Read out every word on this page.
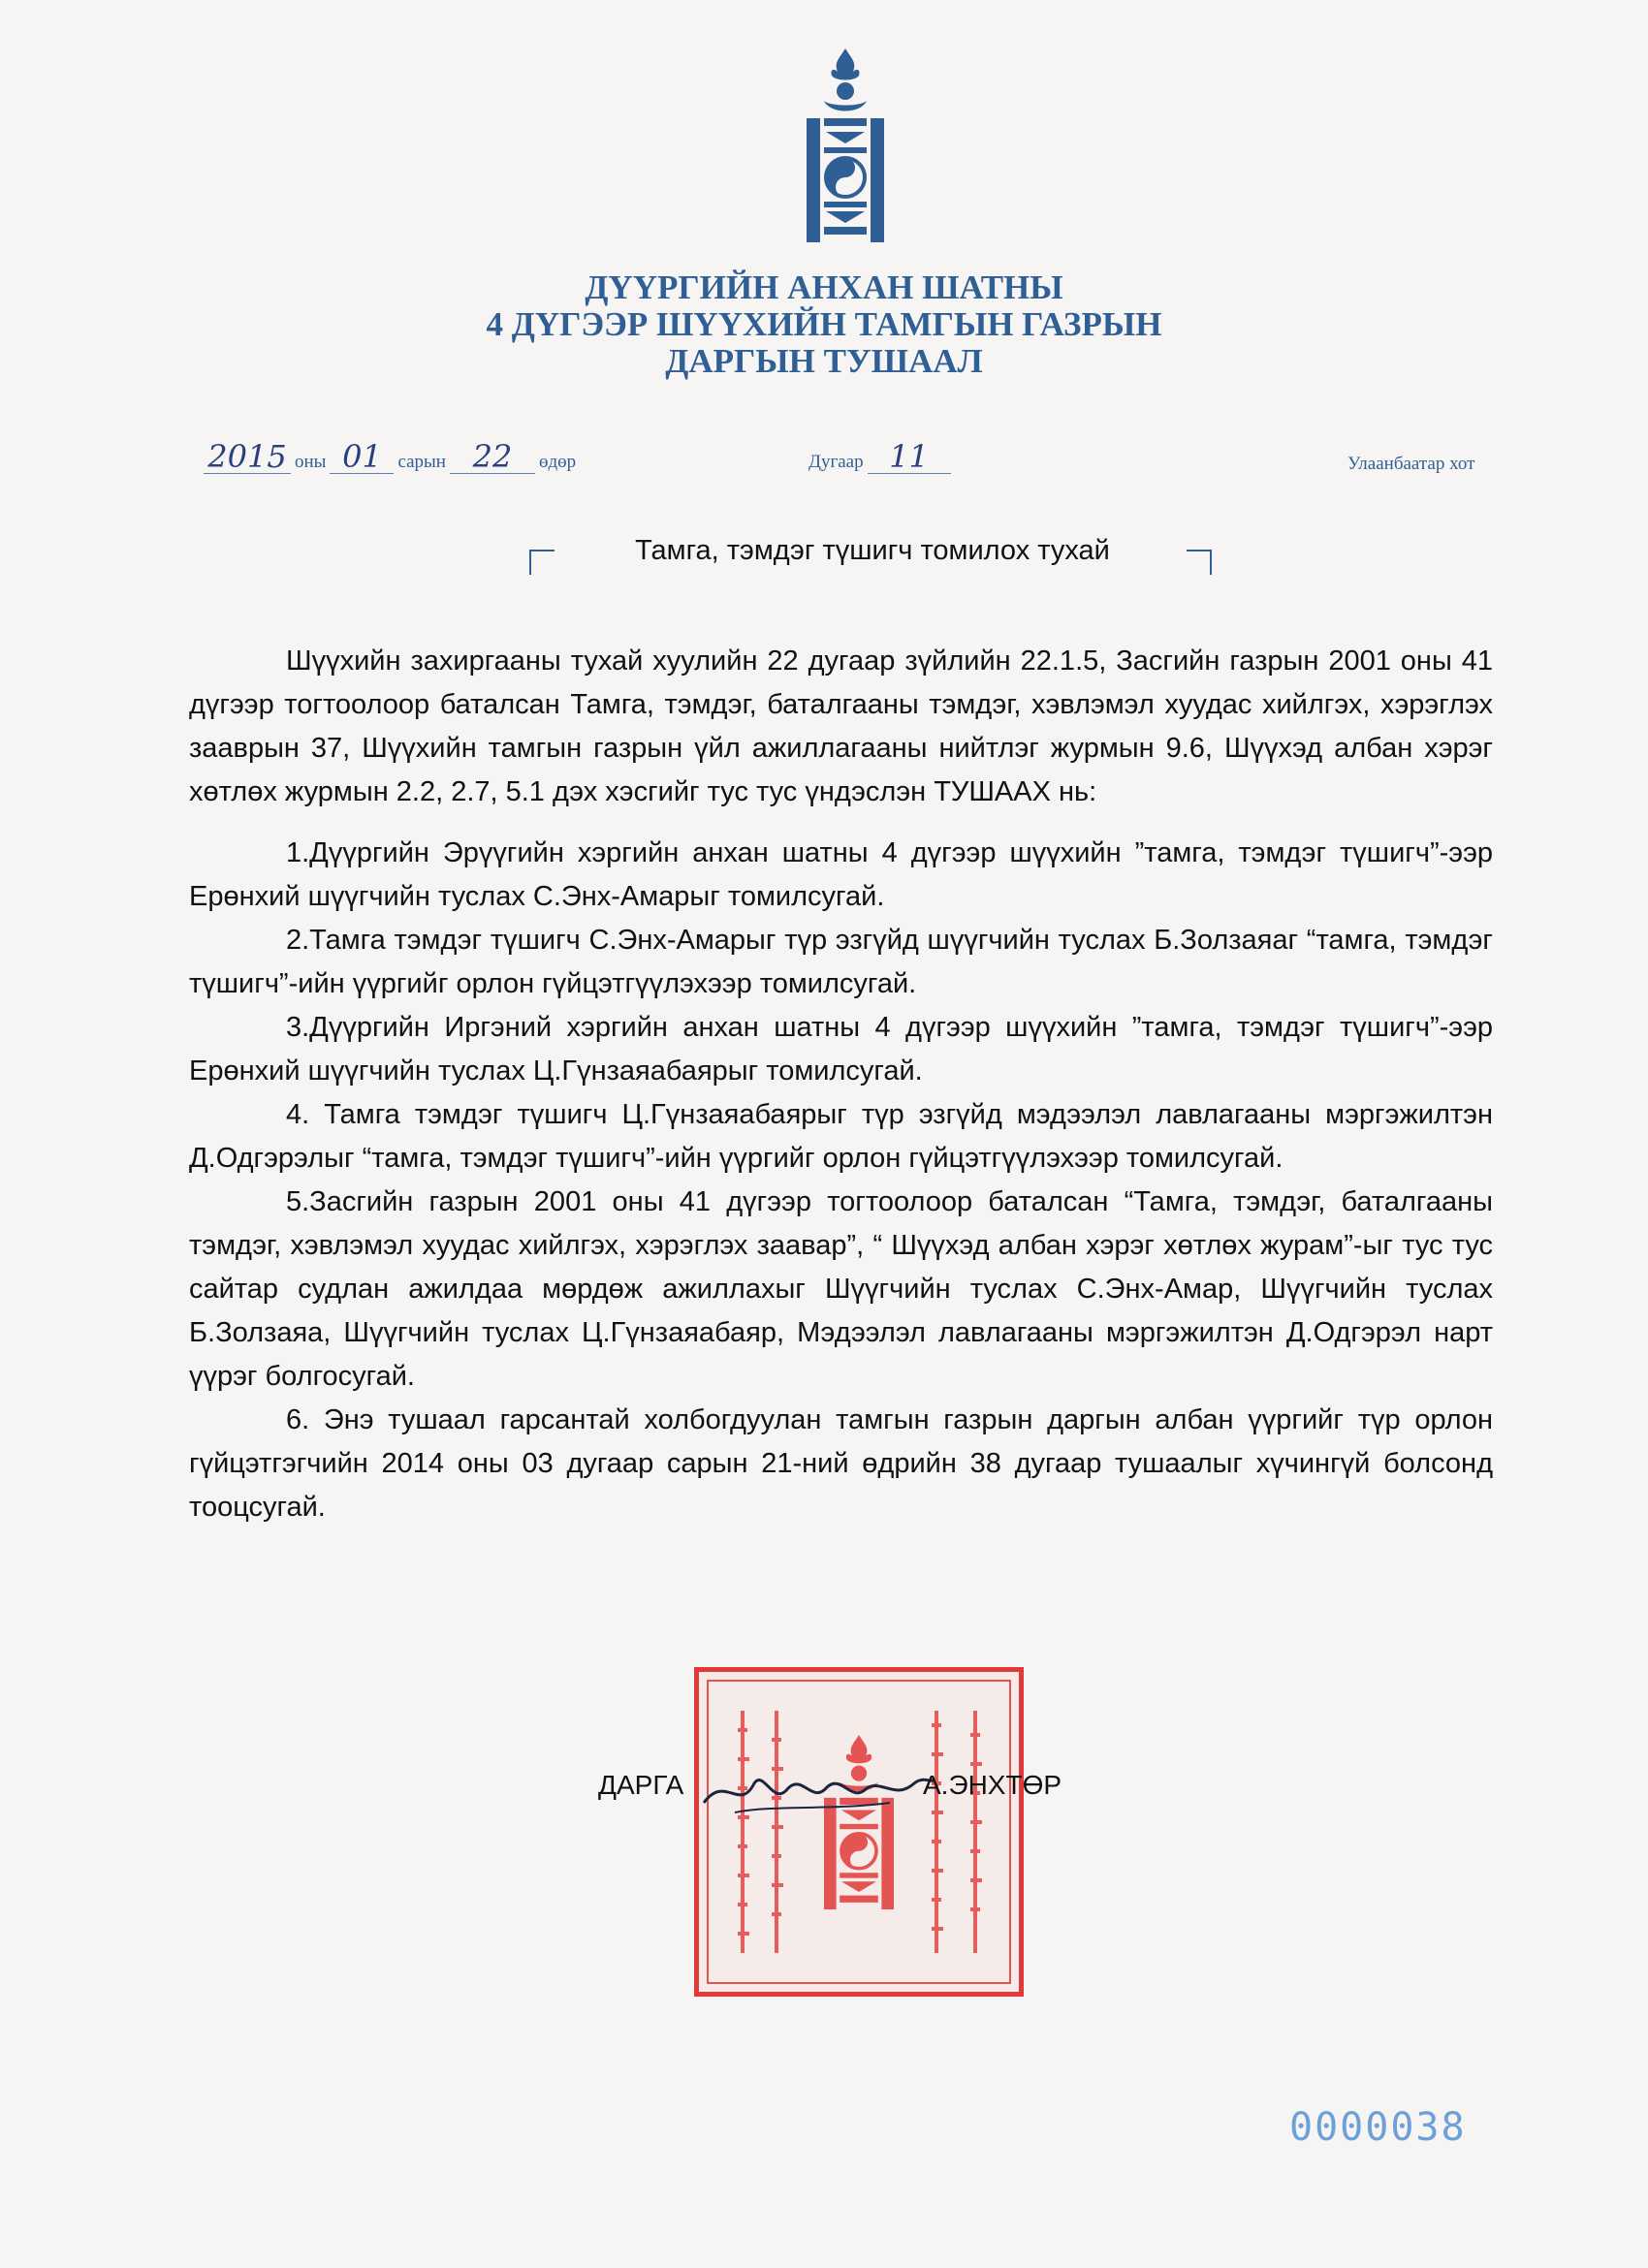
ДҮҮРГИЙН АНХАН ШАТНЫ
4 ДҮГЭЭР ШҮҮХИЙН ТАМГЫН ГАЗРЫН
ДАРГЫН ТУШААЛ
2015 оны 01 сарын 22 өдөр	Дугаар 11	Улаанбаатар хот
Тамга, тэмдэг түшигч томилох тухай

Шүүхийн захиргааны тухай хуулийн 22 дугаар зүйлийн 22.1.5, Засгийн газрын 2001 оны 41 дүгээр тогтоолоор баталсан Тамга, тэмдэг, баталгааны тэмдэг, хэвлэмэл хуудас хийлгэх, хэрэглэх зааврын 37, Шүүхийн тамгын газрын үйл ажиллагааны нийтлэг журмын 9.6, Шүүхэд албан хэрэг хөтлөх журмын 2.2, 2.7, 5.1 дэх хэсгийг тус тус үндэслэн ТУШААХ нь:

1.Дүүргийн Эрүүгийн хэргийн анхан шатны 4 дүгээр шүүхийн ”тамга, тэмдэг түшигч”-ээр Ерөнхий шүүгчийн туслах С.Энх-Амарыг томилсугай.

2.Тамга тэмдэг түшигч С.Энх-Амарыг түр эзгүйд шүүгчийн туслах Б.Золзаяаг “тамга, тэмдэг түшигч”-ийн үүргийг орлон гүйцэтгүүлэхээр томилсугай.

3.Дүүргийн Иргэний хэргийн анхан шатны 4 дүгээр шүүхийн ”тамга, тэмдэг түшигч”-ээр Ерөнхий шүүгчийн туслах Ц.Гүнзаяабаярыг томилсугай.

4. Тамга тэмдэг түшигч Ц.Гүнзаяабаярыг түр эзгүйд мэдээлэл лавлагааны мэргэжилтэн Д.Одгэрэлыг “тамга, тэмдэг түшигч”-ийн үүргийг орлон гүйцэтгүүлэхээр томилсугай.

5.Засгийн газрын 2001 оны 41 дүгээр тогтоолоор баталсан “Тамга, тэмдэг, баталгааны тэмдэг, хэвлэмэл хуудас хийлгэх, хэрэглэх заавар”, “ Шүүхэд албан хэрэг хөтлөх журам”-ыг тус тус сайтар судлан ажилдаа мөрдөж ажиллахыг Шүүгчийн туслах С.Энх-Амар, Шүүгчийн туслах Б.Золзаяа, Шүүгчийн туслах Ц.Гүнзаяабаяр, Мэдээлэл лавлагааны мэргэжилтэн Д.Одгэрэл нарт үүрэг болгосугай.

6. Энэ тушаал гарсантай холбогдуулан тамгын газрын даргын албан үүргийг түр орлон гүйцэтгэгчийн 2014 оны 03 дугаар сарын 21-ний өдрийн 38 дугаар тушаалыг хүчингүй болсонд тооцсугай.

ДАРГА	А.ЭНХТӨР
0000038
